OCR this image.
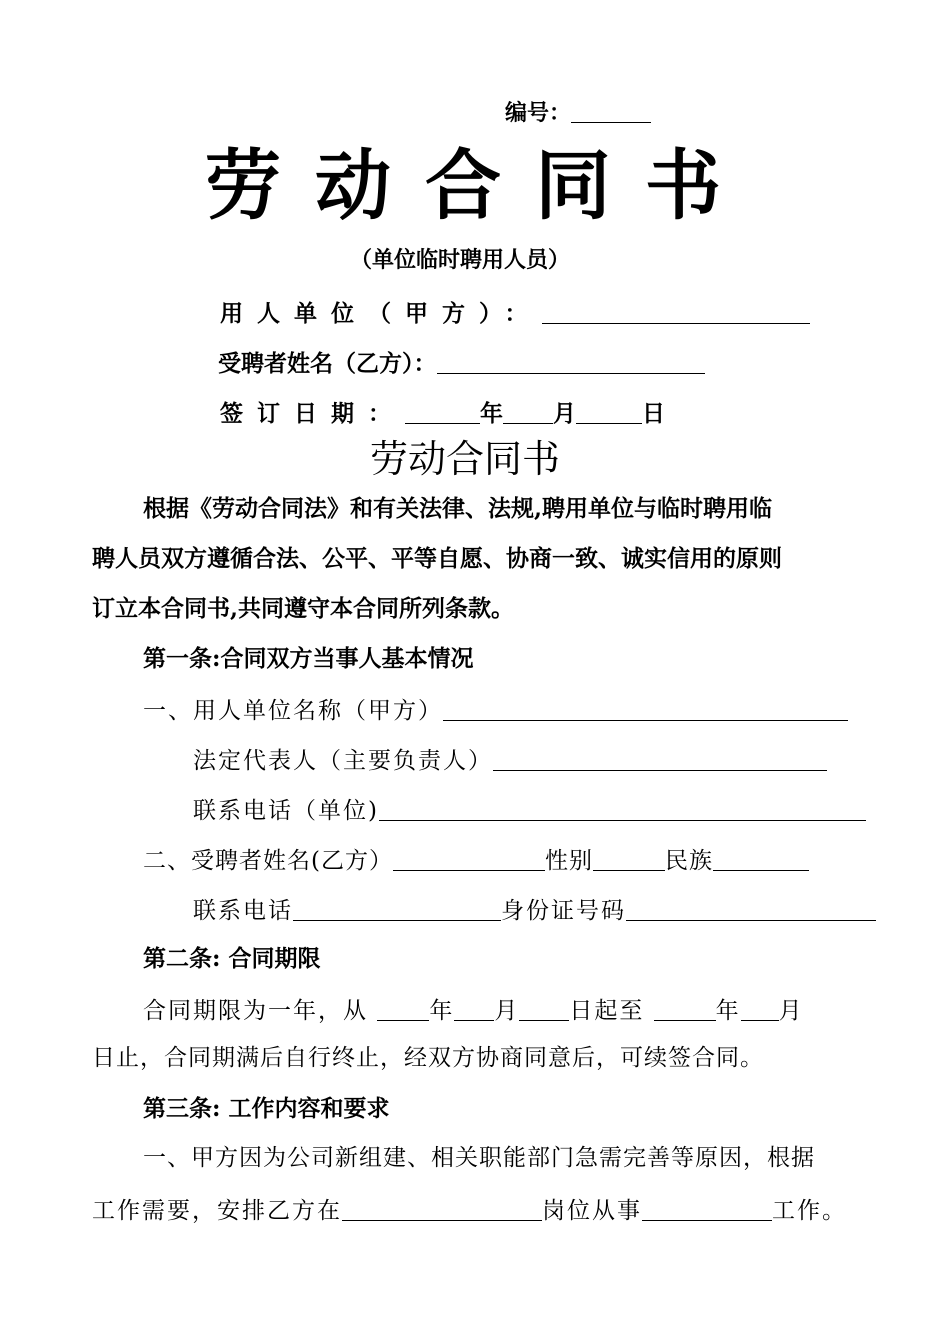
编号：
劳动合同书
（单位临时聘用人员）
用人单位（甲方）：
受聘者姓名（乙方）：
签订日期：	年 月	日
劳动合同书
根据《劳动合同法》和有关法律、法规,聘用单位与临时聘用临
聘人员双方遵循合法、公平、平等自愿、协商一致、诚实信用的原则
订立本合同书,共同遵守本合同所列条款。
第一条:合同双方当事人基本情况
一、用人单位名称（甲方）
法定代表人（主要负责人）
联系电话（单位)
二、受聘者姓名(乙方）	性别	民族
联系电话	身份证号码
第二条: 合同期限
合同期限为一年，从	年 月 日起至	年 月
日止，合同期满后自行终止，经双方协商同意后，可续签合同。
第三条: 工作内容和要求
一、甲方因为公司新组建、相关职能部门急需完善等原因，根据
工作需要，安排乙方在	岗位从事	工作。
